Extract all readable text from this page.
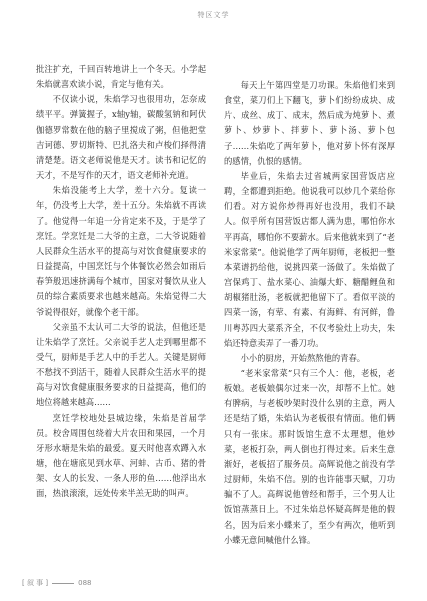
特区文学

批注扩充，千回百转地讲上一个冬天。小学起朱焰就喜欢读小说，肯定与他有关。

不仅读小说，朱焰学习也很用功，怎奈成绩平平。弹簧握子，x轴y轴，碳酸氢钠和阿伏伽德罗常数在他的脑子里搅成了粥，但他把堂吉诃德、罗切斯特、巴扎洛夫和卢梭们择得清清楚楚。语文老师说他是天才。读书和记忆的天才，不是写作的天才，语文老师补充道。

朱焰没能考上大学，差十六分。复读一年，仍没考上大学，差十五分。朱焰就不再读了。他觉得一年追一分肯定来不及，于是学了烹饪。学烹饪是二大爷的主意，二大爷说随着人民群众生活水平的提高与对饮食健康要求的日益提高，中国烹饪与个体餐饮必然会如雨后春笋般迅速挤满每个城市，国家对餐饮从业人员的综合素质要求也越来越高。朱焰觉得二大爷说得很好，就像个老干部。

父亲虽不太认可二大爷的说法，但他还是让朱焰学了烹饪。父亲说手艺人走到哪里都不受气，厨师是手艺人中的手艺人。关键是厨师不愁找不到活干，随着人民群众生活水平的提高与对饮食健康服务要求的日益提高，他们的地位将越来越高……

烹饪学校地处县城边缘，朱焰是首届学员。校舍周围包绕着大片农田和果园，一个月牙形水塘是朱焰的最爱。夏天时他喜欢蹲入水塘，他在塘底见到水草、河蚌、古币、猪的骨架、女人的长发、一条人形的鱼……他浮出水面，热浪滚滚，远处传来半羔无助的叫声。

每天上午第四堂是刀功课。朱焰他们来到食堂，菜刀们上下翻飞，萝卜们纷纷成块、成片、成丝、成丁、成末，然后成为炖萝卜、煮萝卜、炒萝卜、拌萝卜、萝卜汤、萝卜包子……朱焰吃了两年萝卜，他对萝卜怀有深厚的感情，仇恨的感情。

毕业后，朱焰去过省城两家国营饭店应聘，全都遭到拒绝。他说我可以炒几个菜给你们看。对方说你炒得再好也没用，我们不缺人。似乎所有国营饭店都人满为患，哪怕你水平再高，哪怕你不要薪水。后来他就来到了“老米家常菜”。他说他学了两年厨师，老板把一整本菜谱扔给他，说挑四菜一汤做了。朱焰做了宫保鸡丁、盐水菜心、油爆大虾、糖醋鲤鱼和胡椒猪肚汤，老板就把他留下了。看似平淡的四菜一汤，有荤、有素、有海鲜、有河鲜，鲁川粤苏四大菜系齐全，不仅考验灶上功夫，朱焰还特意卖弄了一番刀功。

小小的厨房，开始熬熬他的青春。

“老米家常菜”只有三个人：他，老板，老板娘。老板娘偶尔过来一次，却帮不上忙。她有脾病，与老板吵架时没什么别的主意，两人还是结了婚，朱焰认为老板很有情面。他们俩只有一张床。那时饭馆生意不太理想，他炒菜，老板打杂，两人倒也打得过来。后来生意渐好，老板招了服务员。高辉说他之前没有学过厨师，朱焰不信。别的也许能事天赋，刀功骗不了人。高辉说他曾经和帮手，三个男人让饭馆蒸蒸日上。不过朱焰总怀疑高辉是他的假名，因为后来小蝶来了，至少有两次，他听到小蝶无意间喊他什么锋。

[ 叙 事 ]	088
